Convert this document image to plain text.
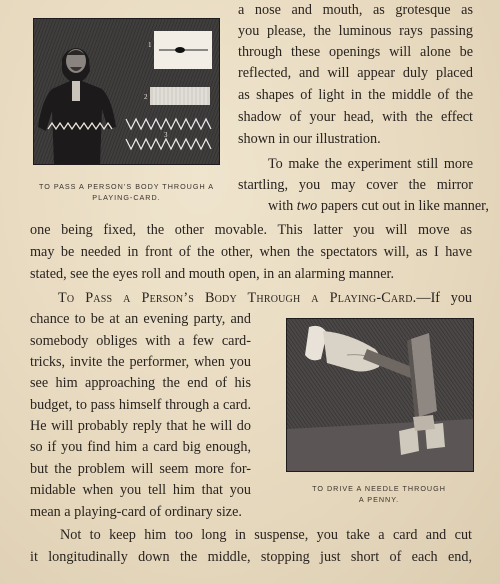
1
2
3
TO PASS A PERSON’S BODY THROUGH A
PLAYING-CARD.
a nose and mouth, as grotesque as
you please, the luminous rays passing
through these openings will alone be
reflected, and will appear duly placed
as shapes of light in the middle of the
shadow of your head, with the effect
shown in our illustration.
To make the experiment still more
startling, you may cover the mirror
with two papers cut out in like manner,
one being fixed, the other movable. This latter you will move as
may be needed in front of the other, when the spectators will, as I have
stated, see the eyes roll and mouth open, in an alarming manner.
To Pass a Person’s Body Through a Playing-Card.—If you
chance to be at an evening party, and
somebody obliges with a few card-
tricks, invite the performer, when you
see him approaching the end of his
budget, to pass himself through a card.
He will probably reply that he will do
so if you find him a card big enough,
but the problem will seem more for-
midable when you tell him that you
mean a playing-card of ordinary size.
TO DRIVE A NEEDLE THROUGH
A PENNY.
Not to keep him too long in suspense, you take a card and cut
it longitudinally down the middle, stopping just short of each end,
